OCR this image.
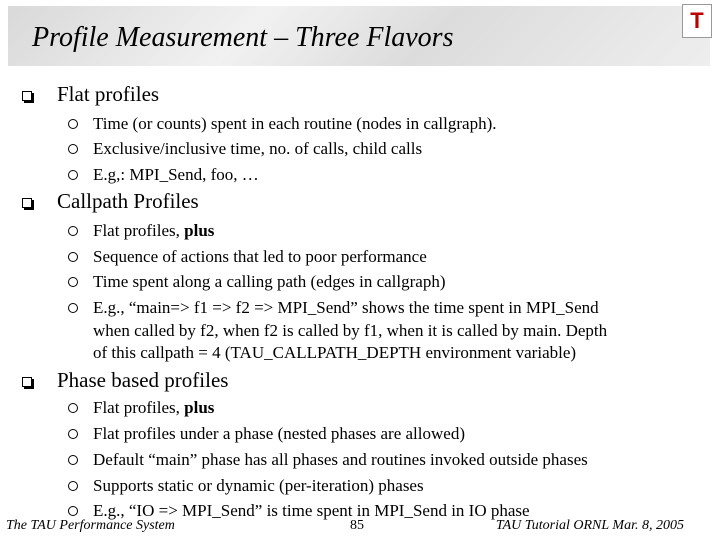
Profile Measurement – Three Flavors
T
Flat profiles
Time (or counts) spent in each routine (nodes in callgraph).
Exclusive/inclusive time, no. of calls, child calls
E.g,: MPI_Send, foo, …
Callpath Profiles
Flat profiles, plus
Sequence of actions that led to poor performance
Time spent along a calling path (edges in callgraph)
E.g., “main=> f1 => f2 => MPI_Send” shows the time spent in MPI_Send
when called by f2, when f2 is called by f1, when it is called by main. Depth
of this callpath = 4 (TAU_CALLPATH_DEPTH environment variable)
Phase based profiles
Flat profiles, plus
Flat profiles under a phase (nested phases are allowed)
Default “main” phase has all phases and routines invoked outside phases
Supports static or dynamic (per-iteration) phases
E.g., “IO => MPI_Send” is time spent in MPI_Send in IO phase
The TAU Performance System	85	TAU Tutorial ORNL Mar. 8, 2005
